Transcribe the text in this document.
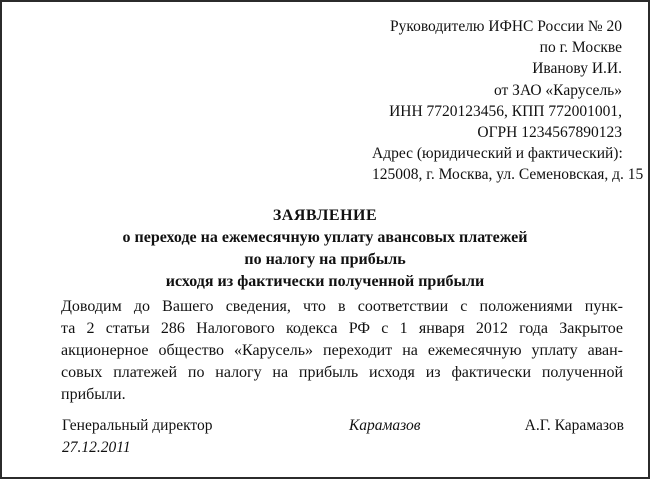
Руководителю ИФНС России № 20
по г. Москве
Иванову И.И.
от ЗАО «Карусель»
ИНН 7720123456, КПП 772001001,
ОГРН 1234567890123
Адрес (юридический и фактический):
125008, г. Москва, ул. Семеновская, д. 15
ЗАЯВЛЕНИЕ
о переходе на ежемесячную уплату авансовых платежей
по налогу на прибыль
исходя из фактически полученной прибыли
Доводим до Вашего сведения, что в соответствии с положениями пунк-
та 2 статьи 286 Налогового кодекса РФ с 1 января 2012 года Закрытое
акционерное общество «Карусель» переходит на ежемесячную уплату аван-
совых платежей по налогу на прибыль исходя из фактически полученной
прибыли.
Генеральный директор	Карамазов	А.Г. Карамазов
27.12.2011
